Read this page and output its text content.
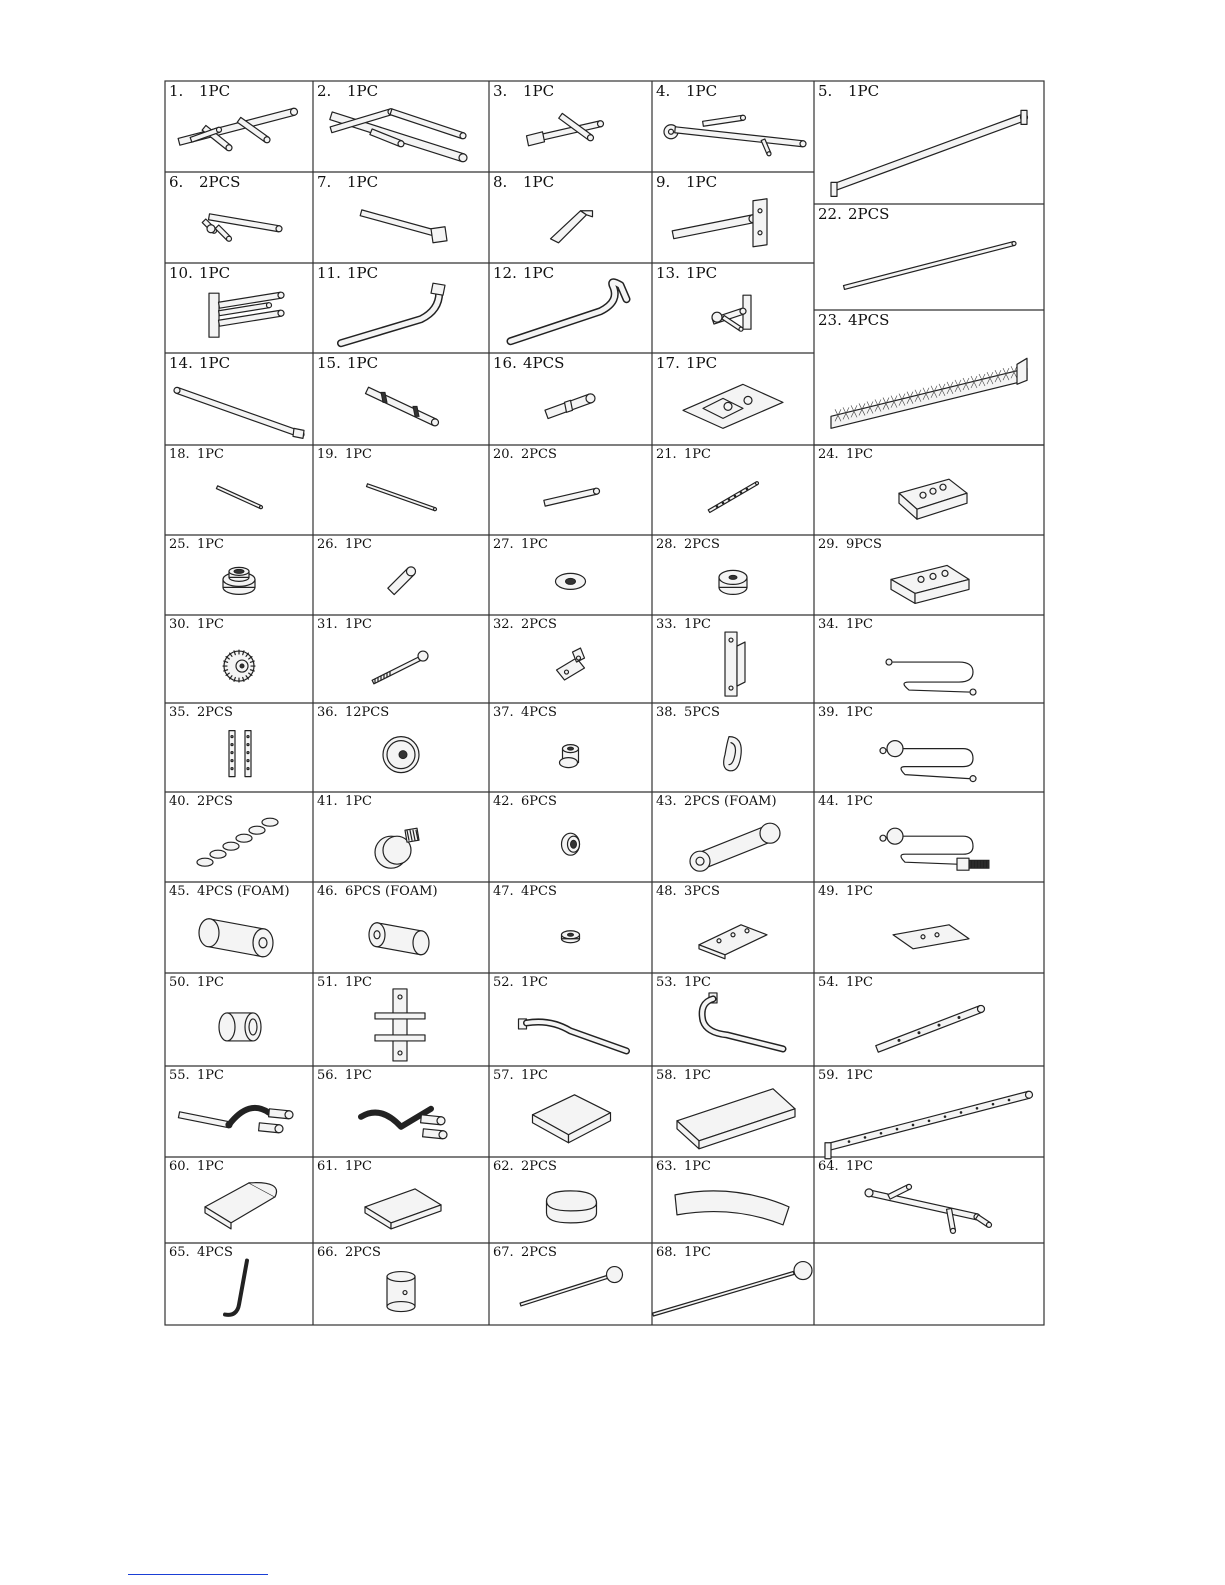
1. 1PC	2. 1PC	3. 1PC	4. 1PC	5. 1PC
6. 2PCS	7. 1PC	8. 1PC	9. 1PC
22. 2PCS
10. 1PC	11. 1PC	12. 1PC	13. 1PC
23. 4PCS
14. 1PC	15. 1PC	16. 4PCS	17. 1PC
18. 1PC	19. 1PC	20. 2PCS	21. 1PC	24. 1PC
25. 1PC	26. 1PC	27. 1PC	28. 2PCS	29. 9PCS
30. 1PC	31. 1PC	32. 2PCS	33. 1PC	34. 1PC
35. 2PCS	36. 12PCS	37. 4PCS	38. 5PCS	39. 1PC
40. 2PCS	41. 1PC	42. 6PCS	43. 2PCS (FOAM)	44. 1PC
45. 4PCS (FOAM) 46. 6PCS (FOAM)	47. 4PCS	48. 3PCS	49. 1PC
50. 1PC	51. 1PC	52. 1PC	53. 1PC	54. 1PC
55. 1PC	56. 1PC	57. 1PC	58. 1PC	59. 1PC
60. 1PC	61. 1PC	62. 2PCS	63. 1PC	64. 1PC
65. 4PCS	66. 2PCS	67. 2PCS	68. 1PC
